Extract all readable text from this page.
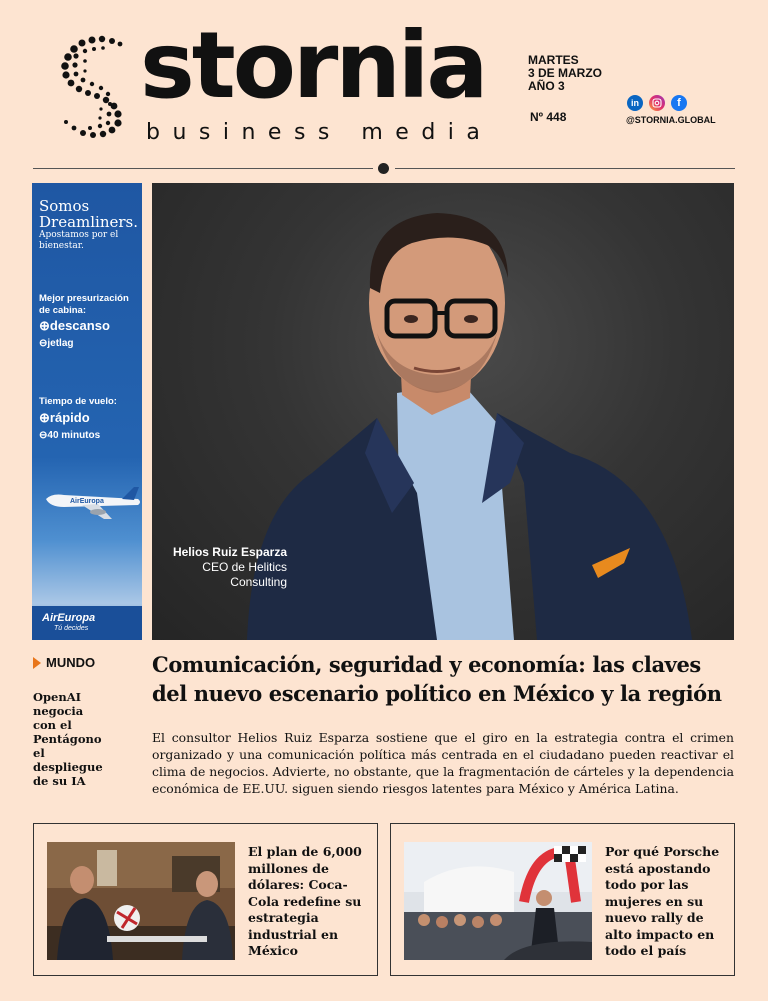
stornia
business media
MARTES
3 DE MARZO
AÑO 3
Nº 448
in	f
@STORNIA.GLOBAL
Somos Dreamliners.
Apostamos por el bienestar.
Mejor presurización de cabina:
⊕descanso
⊖jetlag
Tiempo de vuelo:
⊕rápido
⊖40 minutos
AirEuropa
AirEuropa
Tú decides
Helios Ruiz Esparza
CEO de Helitics Consulting
MUNDO
OpenAI negocia con el Pentágono el despliegue de su IA
Comunicación, seguridad y economía: las claves del nuevo escenario político en México y la región
El consultor Helios Ruiz Esparza sostiene que el giro en la estrategia contra el crimen organizado y una comunicación política más centrada en el ciudadano pueden reactivar el clima de negocios. Advierte, no obstante, que la fragmentación de cárteles y la dependencia económica de EE.UU. siguen siendo riesgos latentes para México y América Latina.
El plan de 6,000 millones de dólares: Coca-Cola redefine su estrategia industrial en México
Por qué Porsche está apostando todo por las mujeres en su nuevo rally de alto impacto en todo el país
